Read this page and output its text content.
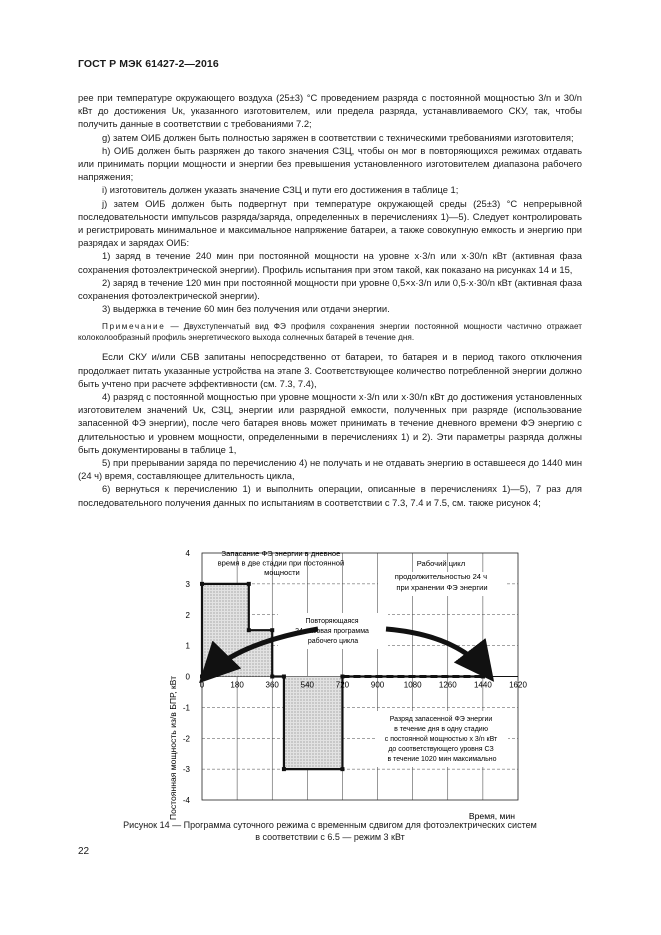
ГОСТ Р МЭК 61427-2—2016

рее при температуре окружающего воздуха (25±3) °С проведением разряда с постоянной мощностью 3/n и 30/n кВт до достижения Uк, указанного изготовителем, или предела разряда, устанавливаемого СКУ, так, чтобы получить данные в соответствии с требованиями 7.2;

g) затем ОИБ должен быть полностью заряжен в соответствии с техническими требованиями изготовителя;

h) ОИБ должен быть разряжен до такого значения СЗЦ, чтобы он мог в повторяющихся режимах отдавать или принимать порции мощности и энергии без превышения установленного изготовителем диапазона рабочего напряжения;

i) изготовитель должен указать значение СЗЦ и пути его достижения в таблице 1;

j) затем ОИБ должен быть подвергнут при температуре окружающей среды (25±3) °С непрерывной последовательности импульсов разряда/заряда, определенных в перечислениях 1)—5). Следует контролировать и регистрировать минимальное и максимальное напряжение батареи, а также совокупную емкость и энергию при разрядах и зарядах ОИБ:

1) заряд в течение 240 мин при постоянной мощности на уровне x·3/n или x·30/n кВт (активная фаза сохранения фотоэлектрической энергии). Профиль испытания при этом такой, как показано на рисунках 14 и 15,

2) заряд в течение 120 мин при постоянной мощности при уровне 0,5×x·3/n или 0,5·x·30/n кВт (активная фаза сохранения фотоэлектрической энергии).

3) выдержка в течение 60 мин без получения или отдачи энергии.

Примечание — Двухступенчатый вид ФЭ профиля сохранения энергии постоянной мощности частично отражает колоколообразный профиль энергетического выхода солнечных батарей в течение дня.

Если СКУ и/или СБВ запитаны непосредственно от батареи, то батарея и в период такого отключения продолжает питать указанные устройства на этапе 3. Соответствующее количество потребленной энергии должно быть учтено при расчете эффективности (см. 7.3, 7.4),

4) разряд с постоянной мощностью при уровне мощности x·3/n или x·30/n кВт до достижения установленных изготовителем значений Uк, СЗЦ, энергии или разрядной емкости, полученных при разряде (использование запасенной ФЭ энергии), после чего батарея вновь может принимать в течение дневного времени ФЭ энергию с длительностью и уровнем мощности, определенными в перечислениях 1) и 2). Эти параметры разряда должны быть документированы в таблице 1,

5) при прерывании заряда по перечислению 4) не получать и не отдавать энергию в оставшееся до 1440 мин (24 ч) время, составляющее длительность цикла,

6) вернуться к перечислению 1) и выполнить операции, описанные в перечислениях 1)—5), 7 раз для последовательного получения данных по испытаниям в соответствии с 7.3, 7.4 и 7.5, см. также рисунок 4;

0	180	360	540	720	900 1080 1260 1440 1620
4
3
2
1
0
-1
-2
-3
-4
Постоянная мощность из/в БПР, кВт	Время, мин
Запасание ФЭ энергии в дневное время в две стадии при постоянной мощности
Рабочий цикл продолжительностью 24 ч при хранении ФЭ энергии
Повторяющаяся 24-часовая программа рабочего цикла
Разряд запасенной ФЭ энергии в течение дня в одну стадию с постоянной мощностью x 3/n кВт до соответствующего уровня СЗ в течение 1020 мин максимально
Рисунок 14 — Программа суточного режима с временным сдвигом для фотоэлектрических систем
в соответствии с 6.5 — режим 3 кВт
22
